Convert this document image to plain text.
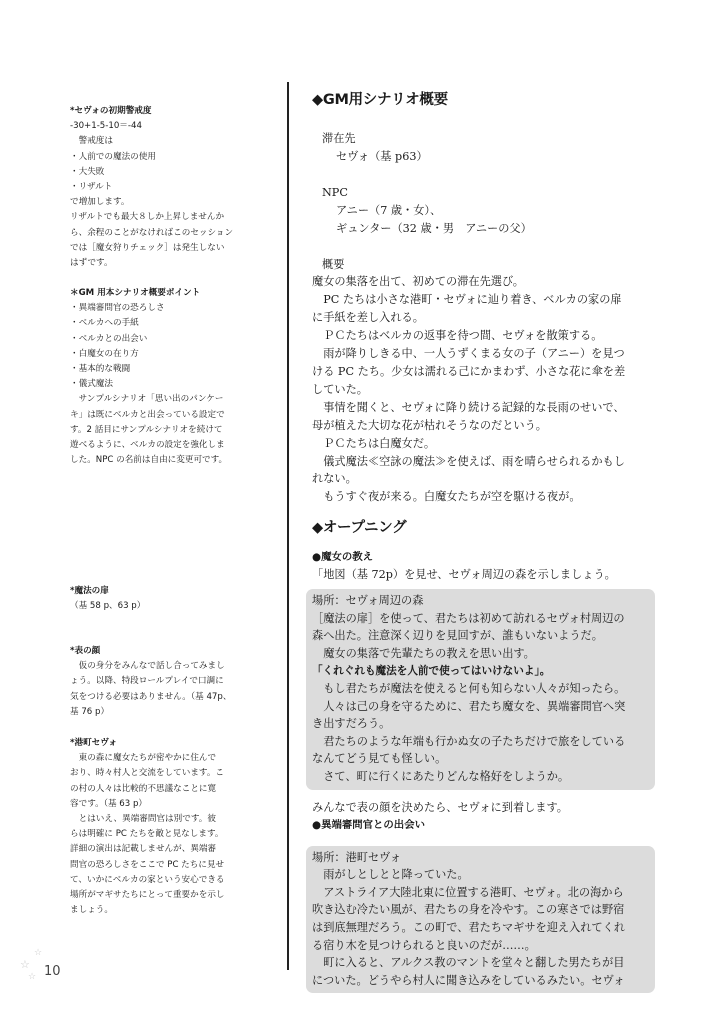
*セヴォの初期警戒度

-30+1-5-10＝-44

　警戒度は

・人前での魔法の使用

・大失敗

・リザルト

で増加します。

リザルトでも最大８しか上昇しませんか

ら、余程のことがなければこのセッション

では［魔女狩りチェック］は発生しない

はずです。

＊GM 用本シナリオ概要ポイント

・異端審問官の恐ろしさ

・ベルカへの手紙

・ベルカとの出会い

・白魔女の在り方

・基本的な戦闘

・儀式魔法

　サンプルシナリオ「思い出のパンケー

キ」は既にベルカと出会っている設定で

す。2 話目にサンプルシナリオを続けて

遊べるように、ベルカの設定を強化しま

した。NPC の名前は自由に変更可です。

*魔法の扉

（基 58 p、63 p）

*表の顔

　仮の身分をみんなで話し合ってみまし

ょう。以降、特段ロールプレイで口調に

気をつける必要はありません。（基 47p、

基 76 p）

*港町セヴォ

　東の森に魔女たちが密やかに住んで

おり、時々村人と交流をしています。こ

の村の人々は比較的不思議なことに寛

容です。（基 63 p）

　とはいえ、異端審問官は別です。彼

らは明確に PC たちを敵と見なします。

詳細の演出は記載しませんが、異端審

問官の恐ろしさをここで PC たちに見せ

て、いかにベルカの家という安心できる

場所がマギサたちにとって重要かを示し

ましょう。

◆GM用シナリオ概要

滞在先

セヴォ（基 p63）

NPC

アニー（7 歳・女）、

ギュンター（32 歳・男　アニーの父）

概要

魔女の集落を出て、初めての滞在先選び。

　PC たちは小さな港町・セヴォに辿り着き、ベルカの家の扉

に手紙を差し入れる。

　ＰＣたちはベルカの返事を待つ間、セヴォを散策する。

　雨が降りしきる中、一人うずくまる女の子（アニー）を見つ

ける PC たち。少女は濡れる己にかまわず、小さな花に傘を差

していた。

　事情を聞くと、セヴォに降り続ける記録的な長雨のせいで、

母が植えた大切な花が枯れそうなのだという。

　ＰＣたちは白魔女だ。

　儀式魔法≪空詠の魔法≫を使えば、雨を晴らせられるかもし

れない。

　もうすぐ夜が来る。白魔女たちが空を駆ける夜が。

◆オープニング

●魔女の教え

「地図（基 72p）を見せ、セヴォ周辺の森を示しましょう。

場所：セヴォ周辺の森

［魔法の扉］を使って、君たちは初めて訪れるセヴォ村周辺の

森へ出た。注意深く辺りを見回すが、誰もいないようだ。

　魔女の集落で先輩たちの教えを思い出す。

「くれぐれも魔法を人前で使ってはいけないよ」。

　もし君たちが魔法を使えると何も知らない人々が知ったら。

　人々は己の身を守るために、君たち魔女を、異端審問官へ突

き出すだろう。

　君たちのような年端も行かぬ女の子たちだけで旅をしている

なんてどう見ても怪しい。

　さて、町に行くにあたりどんな格好をしようか。

みんなで表の顔を決めたら、セヴォに到着します。

●異端審問官との出会い

場所：港町セヴォ

　雨がしとしとと降っていた。

　アストライア大陸北東に位置する港町、セヴォ。北の海から

吹き込む冷たい風が、君たちの身を冷やす。この寒さでは野宿

は到底無理だろう。この町で、君たちマギサを迎え入れてくれ

る宿り木を見つけられると良いのだが……。

　町に入ると、アルクス教のマントを堂々と翻した男たちが目

についた。どうやら村人に聞き込みをしているみたい。セヴォ

☆
☆
☆ 10
